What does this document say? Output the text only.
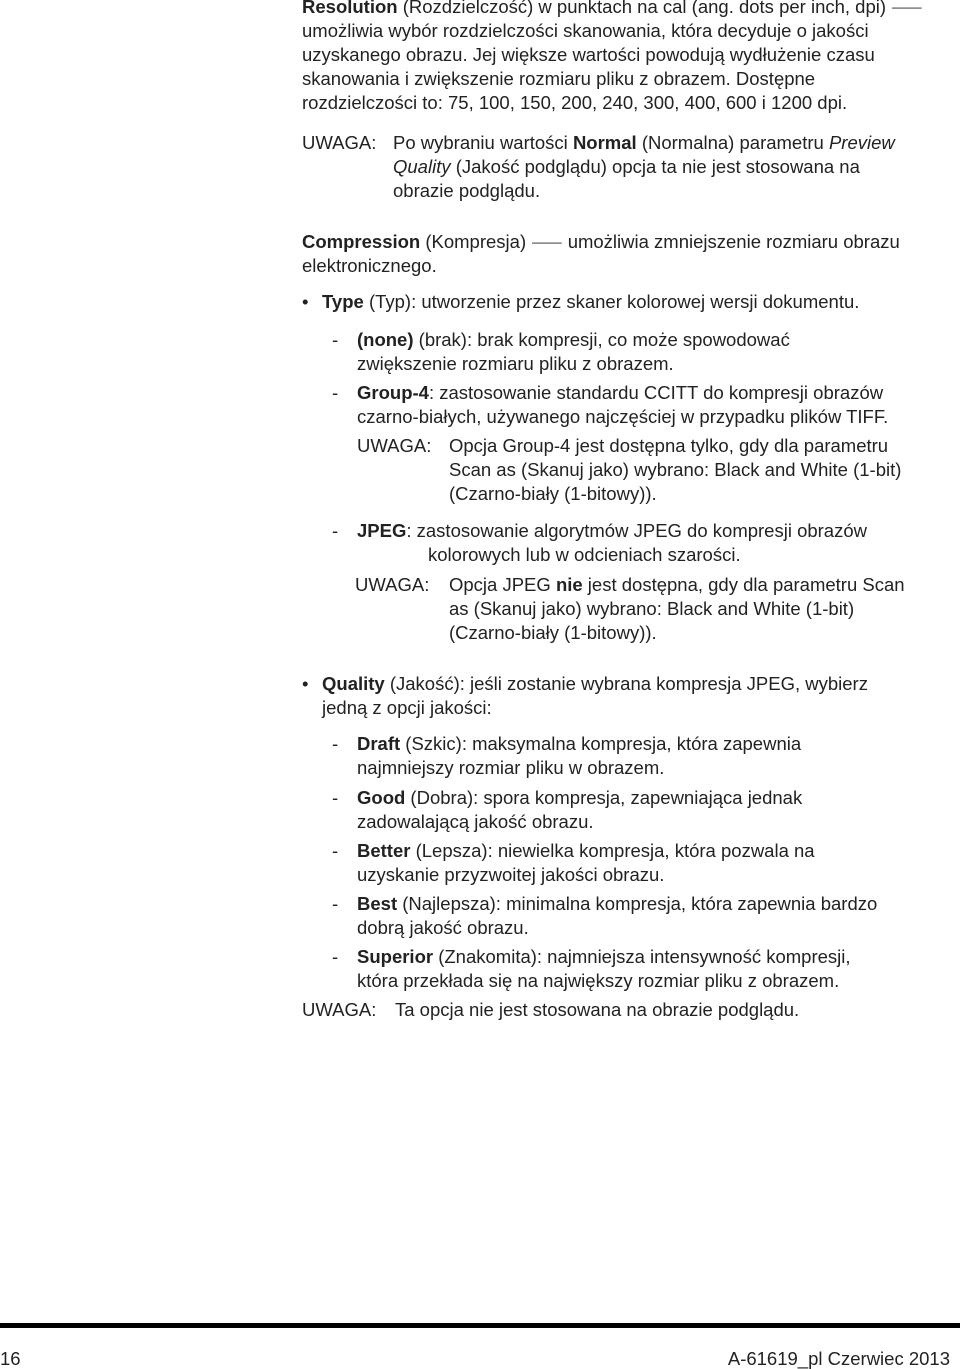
Resolution (Rozdzielczość) w punktach na cal (ang. dots per inch, dpi) ⸺
umożliwia wybór rozdzielczości skanowania, która decyduje o jakości
uzyskanego obrazu. Jej większe wartości powodują wydłużenie czasu
skanowania i zwiększenie rozmiaru pliku z obrazem. Dostępne
rozdzielczości to: 75, 100, 150, 200, 240, 300, 400, 600 i 1200 dpi.
UWAGA: Po wybraniu wartości Normal (Normalna) parametru Preview
Quality (Jakość podglądu) opcja ta nie jest stosowana na
obrazie podglądu.
Compression (Kompresja) ⸺ umożliwia zmniejszenie rozmiaru obrazu
elektronicznego.
• Type (Typ): utworzenie przez skaner kolorowej wersji dokumentu.
- (none) (brak): brak kompresji, co może spowodować
zwiększenie rozmiaru pliku z obrazem.
- Group-4: zastosowanie standardu CCITT do kompresji obrazów
czarno-białych, używanego najczęściej w przypadku plików TIFF.
UWAGA: Opcja Group-4 jest dostępna tylko, gdy dla parametru
Scan as (Skanuj jako) wybrano: Black and White (1-bit)
(Czarno-biały (1-bitowy)).
- JPEG: zastosowanie algorytmów JPEG do kompresji obrazów
kolorowych lub w odcieniach szarości.
UWAGA: Opcja JPEG nie jest dostępna, gdy dla parametru Scan
as (Skanuj jako) wybrano: Black and White (1-bit)
(Czarno-biały (1-bitowy)).
• Quality (Jakość): jeśli zostanie wybrana kompresja JPEG, wybierz
jedną z opcji jakości:
- Draft (Szkic): maksymalna kompresja, która zapewnia
najmniejszy rozmiar pliku w obrazem.
- Good (Dobra): spora kompresja, zapewniająca jednak
zadowalającą jakość obrazu.
- Better (Lepsza): niewielka kompresja, która pozwala na
uzyskanie przyzwoitej jakości obrazu.
- Best (Najlepsza): minimalna kompresja, która zapewnia bardzo
dobrą jakość obrazu.
- Superior (Znakomita): najmniejsza intensywność kompresji,
która przekłada się na największy rozmiar pliku z obrazem.
UWAGA: Ta opcja nie jest stosowana na obrazie podglądu.
16	A-61619_pl Czerwiec 2013
